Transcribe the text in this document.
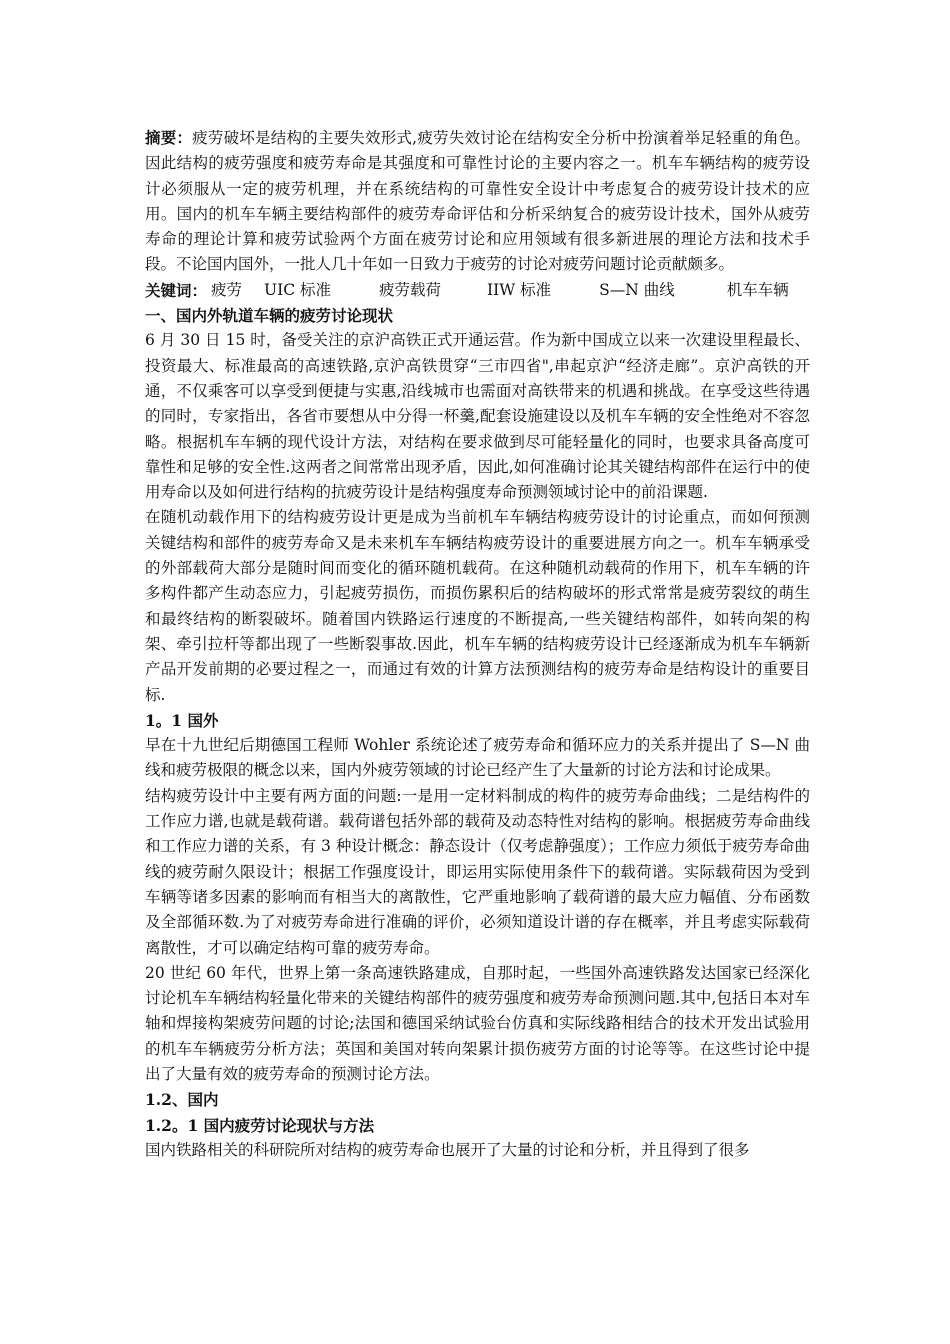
摘要：疲劳破坏是结构的主要失效形式,疲劳失效讨论在结构安全分析中扮演着举足轻重的角色。因此结构的疲劳强度和疲劳寿命是其强度和可靠性讨论的主要内容之一。机车车辆结构的疲劳设计必须服从一定的疲劳机理，并在系统结构的可靠性安全设计中考虑复合的疲劳设计技术的应用。国内的机车车辆主要结构部件的疲劳寿命评估和分析采纳复合的疲劳设计技术，国外从疲劳寿命的理论计算和疲劳试验两个方面在疲劳讨论和应用领域有很多新进展的理论方法和技术手段。不论国内国外，一批人几十年如一日致力于疲劳的讨论对疲劳问题讨论贡献颇多。

关键词： 疲劳 UIC 标准	疲劳载荷	IIW 标准	S—N 曲线	机车车辆

一、国内外轨道车辆的疲劳讨论现状

6 月 30 日 15 时，备受关注的京沪高铁正式开通运营。作为新中国成立以来一次建设里程最长、投资最大、标准最高的高速铁路,京沪高铁贯穿“三市四省",串起京沪“经济走廊”。京沪高铁的开通，不仅乘客可以享受到便捷与实惠,沿线城市也需面对高铁带来的机遇和挑战。在享受这些待遇的同时，专家指出，各省市要想从中分得一杯羹,配套设施建设以及机车车辆的安全性绝对不容忽略。根据机车车辆的现代设计方法，对结构在要求做到尽可能轻量化的同时，也要求具备高度可靠性和足够的安全性.这两者之间常常出现矛盾，因此,如何准确讨论其关键结构部件在运行中的使用寿命以及如何进行结构的抗疲劳设计是结构强度寿命预测领域讨论中的前沿课题.

在随机动载作用下的结构疲劳设计更是成为当前机车车辆结构疲劳设计的讨论重点，而如何预测关键结构和部件的疲劳寿命又是未来机车车辆结构疲劳设计的重要进展方向之一。机车车辆承受的外部载荷大部分是随时间而变化的循环随机载荷。在这种随机动载荷的作用下，机车车辆的许多构件都产生动态应力，引起疲劳损伤，而损伤累积后的结构破坏的形式常常是疲劳裂纹的萌生和最终结构的断裂破坏。随着国内铁路运行速度的不断提高,一些关键结构部件，如转向架的构架、牵引拉杆等都出现了一些断裂事故.因此，机车车辆的结构疲劳设计已经逐渐成为机车车辆新产品开发前期的必要过程之一，而通过有效的计算方法预测结构的疲劳寿命是结构设计的重要目标.

1。1 国外

早在十九世纪后期德国工程师 Wohler 系统论述了疲劳寿命和循环应力的关系并提出了 S—N 曲线和疲劳极限的概念以来，国内外疲劳领域的讨论已经产生了大量新的讨论方法和讨论成果。

结构疲劳设计中主要有两方面的问题:一是用一定材料制成的构件的疲劳寿命曲线；二是结构件的工作应力谱,也就是载荷谱。载荷谱包括外部的载荷及动态特性对结构的影响。根据疲劳寿命曲线和工作应力谱的关系，有 3 种设计概念：静态设计（仅考虑静强度）；工作应力须低于疲劳寿命曲线的疲劳耐久限设计；根据工作强度设计，即运用实际使用条件下的载荷谱。实际载荷因为受到车辆等诸多因素的影响而有相当大的离散性，它严重地影响了载荷谱的最大应力幅值、分布函数及全部循环数.为了对疲劳寿命进行准确的评价，必须知道设计谱的存在概率，并且考虑实际载荷离散性，才可以确定结构可靠的疲劳寿命。

20 世纪 60 年代，世界上第一条高速铁路建成，自那时起，一些国外高速铁路发达国家已经深化讨论机车车辆结构轻量化带来的关键结构部件的疲劳强度和疲劳寿命预测问题.其中,包括日本对车轴和焊接构架疲劳问题的讨论;法国和德国采纳试验台仿真和实际线路相结合的技术开发出试验用的机车车辆疲劳分析方法；英国和美国对转向架累计损伤疲劳方面的讨论等等。在这些讨论中提出了大量有效的疲劳寿命的预测讨论方法。

1.2、国内

1.2。1 国内疲劳讨论现状与方法

国内铁路相关的科研院所对结构的疲劳寿命也展开了大量的讨论和分析，并且得到了很多
